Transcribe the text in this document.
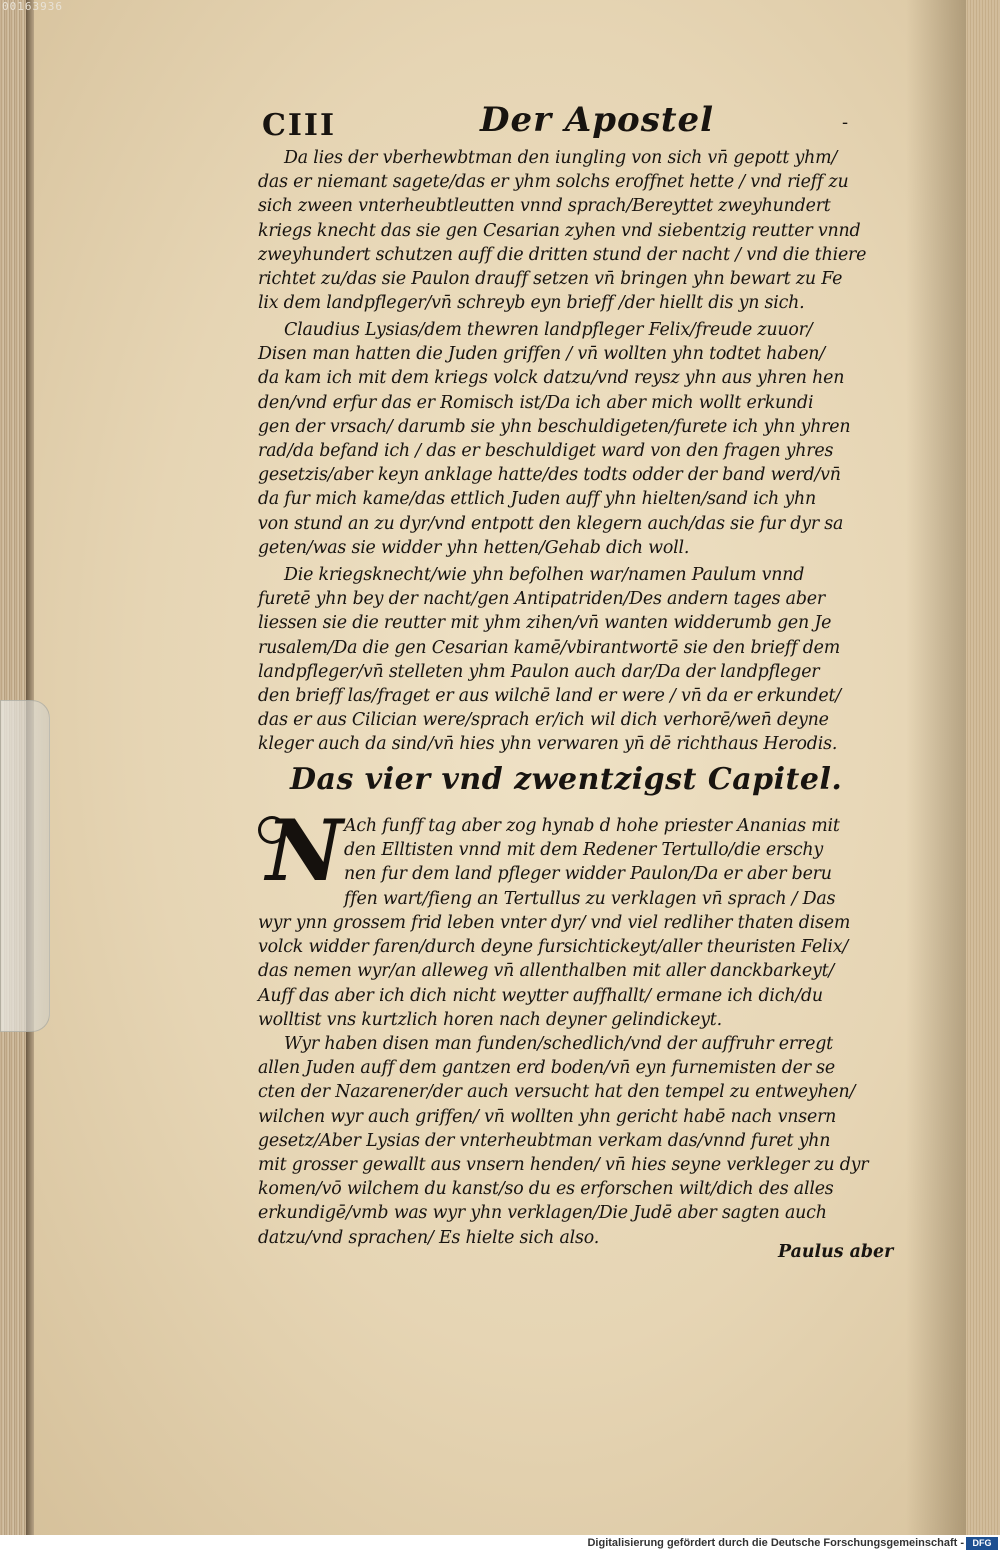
00163936
CIII	Der Apostel	-
Da lies der vberhewbtman den iungling von sich vn̄ gepott yhm/
das er niemant sagete/das er yhm solchs eroffnet hette / vnd rieff zu
sich zween vnterheubtleutten vnnd sprach/Bereyttet zweyhundert
kriegs knecht das sie gen Cesarian zyhen vnd siebentzig reutter vnnd
zweyhundert schutzen auff die dritten stund der nacht / vnd die thiere
richtet zu/das sie Paulon drauff setzen vn̄ bringen yhn bewart zu Fe
lix dem landpfleger/vn̄ schreyb eyn brieff /der hiellt dis yn sich.
Claudius Lysias/dem thewren landpfleger Felix/freude zuuor/
Disen man hatten die Juden griffen / vn̄ wollten yhn todtet haben/
da kam ich mit dem kriegs volck datzu/vnd reysz yhn aus yhren hen
den/vnd erfur das er Romisch ist/Da ich aber mich wollt erkundi
gen der vrsach/ darumb sie yhn beschuldigeten/furete ich yhn yhren
rad/da befand ich / das er beschuldiget ward von den fragen yhres
gesetzis/aber keyn anklage hatte/des todts odder der band werd/vn̄
da fur mich kame/das ettlich Juden auff yhn hielten/sand ich yhn
von stund an zu dyr/vnd entpott den klegern auch/das sie fur dyr sa
geten/was sie widder yhn hetten/Gehab dich woll.
Die kriegsknecht/wie yhn befolhen war/namen Paulum vnnd
furetē yhn bey der nacht/gen Antipatriden/Des andern tages aber
liessen sie die reutter mit yhm zihen/vn̄ wanten widderumb gen Je
rusalem/Da die gen Cesarian kamē/vbirantwortē sie den brieff dem
landpfleger/vn̄ stelleten yhm Paulon auch dar/Da der landpfleger
den brieff las/fraget er aus wilchē land er were / vn̄ da er erkundet/
das er aus Cilician were/sprach er/ich wil dich verhorē/wen̄ deyne
kleger auch da sind/vn̄ hies yhn verwaren yn̄ dē richthaus Herodis.
Das vier vnd zwentzigst Capitel.
N Ach funff tag aber zog hynab d hohe priester Ananias mit
den Elltisten vnnd mit dem Redener Tertullo/die erschy
nen fur dem land pfleger widder Paulon/Da er aber beru
ffen wart/fieng an Tertullus zu verklagen vn̄ sprach / Das
wyr ynn grossem frid leben vnter dyr/ vnd viel redliher thaten disem
volck widder faren/durch deyne fursichtickeyt/aller theuristen Felix/
das nemen wyr/an alleweg vn̄ allenthalben mit aller danckbarkeyt/
Auff das aber ich dich nicht weytter auffhallt/ ermane ich dich/du
wolltist vns kurtzlich horen nach deyner gelindickeyt.
Wyr haben disen man funden/schedlich/vnd der auffruhr erregt
allen Juden auff dem gantzen erd boden/vn̄ eyn furnemisten der se
cten der Nazarener/der auch versucht hat den tempel zu entweyhen/
wilchen wyr auch griffen/ vn̄ wollten yhn gericht habē nach vnsern
gesetz/Aber Lysias der vnterheubtman verkam das/vnnd furet yhn
mit grosser gewallt aus vnsern henden/ vn̄ hies seyne verkleger zu dyr
komen/vō wilchem du kanst/so du es erforschen wilt/dich des alles
erkundigē/vmb was wyr yhn verklagen/Die Judē aber sagten auch
datzu/vnd sprachen/ Es hielte sich also.
Paulus aber
Digitalisierung gefördert durch die Deutsche Forschungsgemeinschaft - DFG
